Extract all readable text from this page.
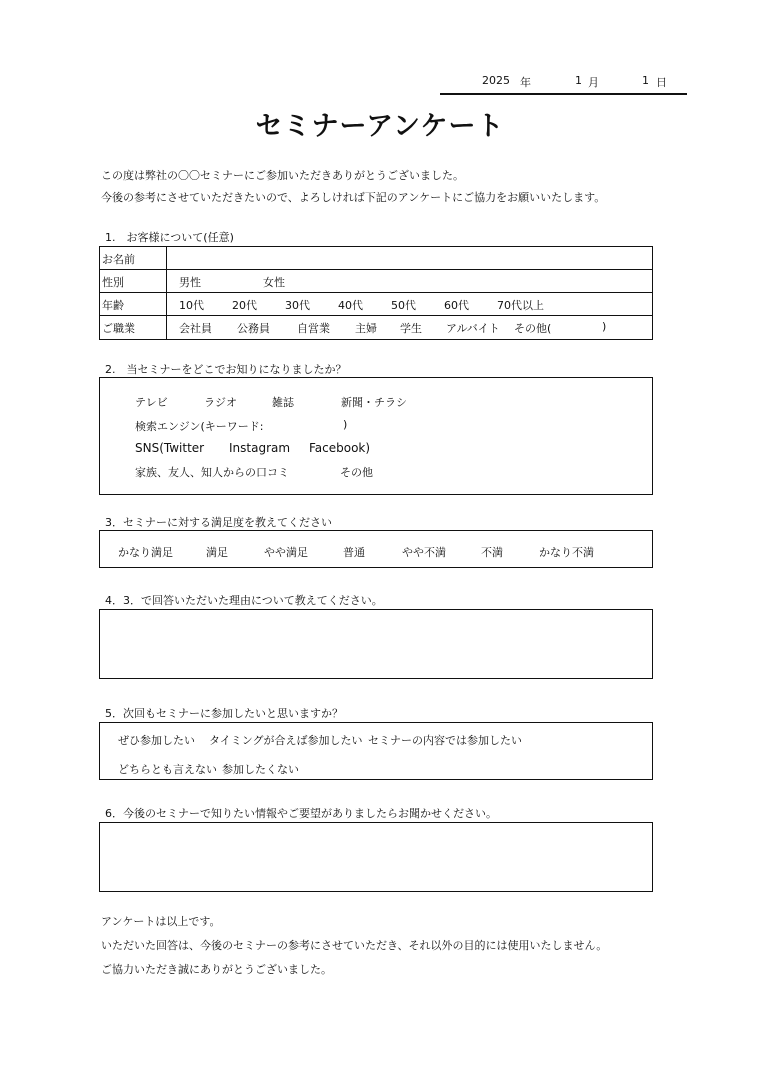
2025 年	1 月	1 日
セミナーアンケート
この度は弊社の〇〇セミナーにご参加いただきありがとうございました。
今後の参考にさせていただきたいので、よろしければ下記のアンケートにご協力をお願いいたします。
1.　お客様について(任意)
お名前
性別	男性	女性
年齢	10代	20代	30代	40代	50代	60代	70代以上
ご職業	会社員 公務員 自営業 主婦 学生 アルバイト その他(	)
2.　当セミナーをどこでお知りになりましたか？
テレビ	ラジオ	雑誌	新聞・チラシ
検索エンジン(キーワード:	)
SNS(Twitter Instagram Facebook)
家族、友人、知人からの口コミ	その他
3．セミナーに対する満足度を教えてください
かなり満足	満足	やや満足	普通	やや不満	不満	かなり不満
4．3．で回答いただいた理由について教えてください。
5．次回もセミナーに参加したいと思いますか？
ぜひ参加したい タイミングが合えば参加したい セミナーの内容では参加したい
どちらとも言えない 参加したくない
6．今後のセミナーで知りたい情報やご要望がありましたらお聞かせください。
アンケートは以上です。
いただいた回答は、今後のセミナーの参考にさせていただき、それ以外の目的には使用いたしません。
ご協力いただき誠にありがとうございました。
